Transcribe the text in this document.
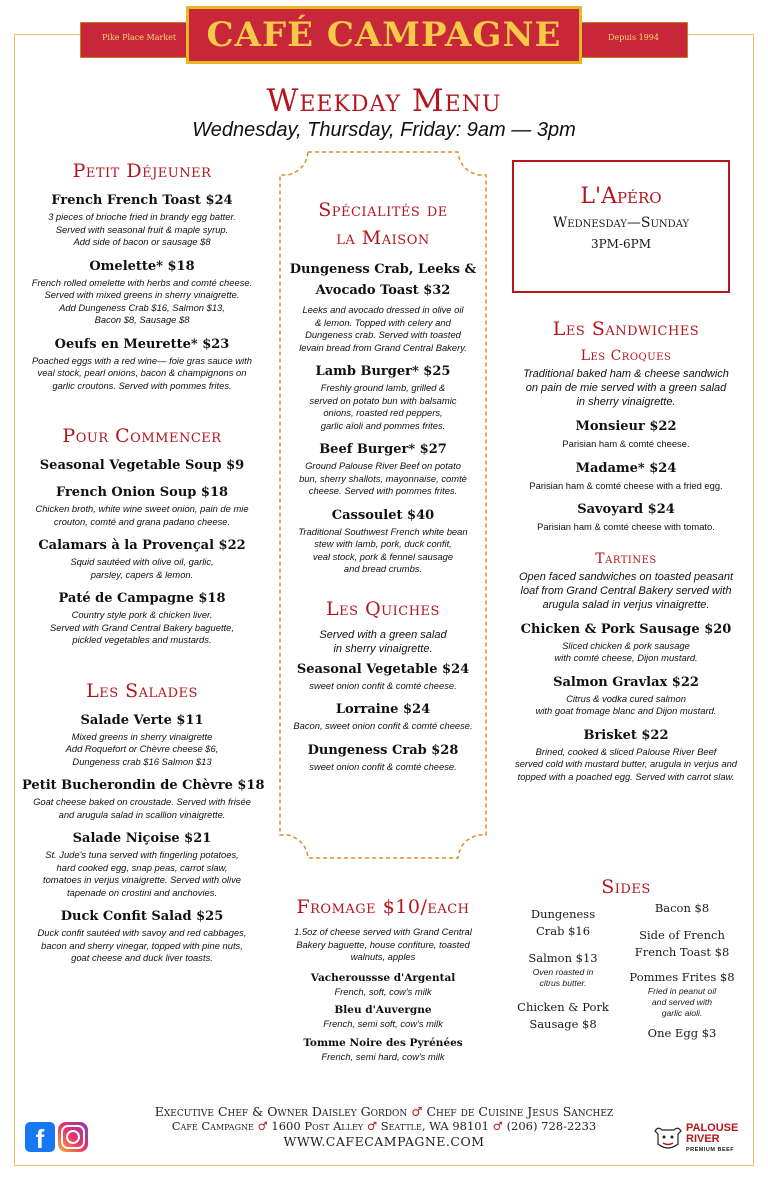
Pike Place Market	Depuis 1994
CAFÉ CAMPAGNE
Weekday Menu
Wednesday, Thursday, Friday: 9am — 3pm
Petit Déjeuner
French French Toast $24
3 pieces of brioche fried in brandy egg batter.
Served with seasonal fruit & maple syrup.
Add side of bacon or sausage $8
Omelette* $18
French rolled omelette with herbs and comté cheese.
Served with mixed greens in sherry vinaigrette.
Add Dungeness Crab $16, Salmon $13,
Bacon $8, Sausage $8
Oeufs en Meurette* $23
Poached eggs with a red wine— foie gras sauce with
veal stock, pearl onions, bacon & champignons on
garlic croutons. Served with pommes frites.
Pour Commencer
Seasonal Vegetable Soup $9
French Onion Soup $18
Chicken broth, white wine sweet onion, pain de mie
crouton, comté and grana padano cheese.
Calamars à la Provençal $22
Squid sautéed with olive oil, garlic,
parsley, capers & lemon.
Paté de Campagne $18
Country style pork & chicken liver.
Served with Grand Central Bakery baguette,
pickled vegetables and mustards.
Les Salades
Salade Verte $11
Mixed greens in sherry vinaigrette
Add Roquefort or Chèvre cheese $6,
Dungeness crab $16 Salmon $13
Petit Bucherondin de Chèvre $18
Goat cheese baked on croustade. Served with frisée
and arugula salad in scallion vinaigrette.
Salade Niçoise $21
St. Jude's tuna served with fingerling potatoes,
hard cooked egg, snap peas, carrot slaw,
tomatoes in verjus vinaigrette. Served with olive
tapenade on crostini and anchovies.
Duck Confit Salad $25
Duck confit sautéed with savoy and red cabbages,
bacon and sherry vinegar, topped with pine nuts,
goat cheese and duck liver toasts.
Spécialités de
la Maison
Dungeness Crab, Leeks &
Avocado Toast $32
Leeks and avocado dressed in olive oil
& lemon. Topped with celery and
Dungeness crab. Served with toasted
levain bread from Grand Central Bakery.
Lamb Burger* $25
Freshly ground lamb, grilled &
served on potato bun with balsamic
onions, roasted red peppers,
garlic aïoli and pommes frites.
Beef Burger* $27
Ground Palouse River Beef on potato
bun, sherry shallots, mayonnaise, comtè
cheese. Served with pommes frites.
Cassoulet $40
Traditional Southwest French white bean
stew with lamb, pork, duck confit,
veal stock, pork & fennel sausage
and bread crumbs.
Les Quiches
Served with a green salad
in sherry vinaigrette.
Seasonal Vegetable $24
sweet onion confit & comté cheese.
Lorraine $24
Bacon, sweet onion confit & comté cheese.
Dungeness Crab $28
sweet onion confit & comté cheese.
Fromage $10/each
1.5oz of cheese served with Grand Central
Bakery baguette, house confiture, toasted
walnuts, apples
Vacheroussse d'Argental
French, soft, cow's milk
Bleu d'Auvergne
French, semi soft, cow's milk
Tomme Noire des Pyrénées
French, semi hard, cow's milk
L'Apéro
Wednesday—Sunday
3PM-6PM
Les Sandwiches
Les Croques
Traditional baked ham & cheese sandwich
on pain de mie served with a green salad
in sherry vinaigrette.
Monsieur $22
Parisian ham & comté cheese.
Madame* $24
Parisian ham & comté cheese with a fried egg.
Savoyard $24
Parisian ham & comté cheese with tomato.
Tartines
Open faced sandwiches on toasted peasant
loaf from Grand Central Bakery served with
arugula salad in verjus vinaigrette.
Chicken & Pork Sausage $20
Sliced chicken & pork sausage
with comté cheese, Dijon mustard.
Salmon Gravlax $22
Citrus & vodka cured salmon
with goat fromage blanc and Dijon mustard.
Brisket $22
Brined, cooked & sliced Palouse River Beef
served cold with mustard butter, arugula in verjus and
topped with a poached egg. Served with carrot slaw.
Sides
Dungeness
Crab $16
Salmon $13
Oven roasted in
citrus butter.
Chicken & Pork
Sausage $8
Bacon $8
Side of French
French Toast $8
Pommes Frites $8
Fried in peanut oil
and served with
garlic aioli.
One Egg $3
Executive Chef & Owner Daisley Gordon ♂ Chef de Cuisine Jesus Sanchez
Café Campagne ♂ 1600 Post Alley ♂ Seattle, WA 98101 ♂ (206) 728-2233
WWW.CAFECAMPAGNE.COM
f	PALOUSE
RIVER
PREMIUM BEEF
